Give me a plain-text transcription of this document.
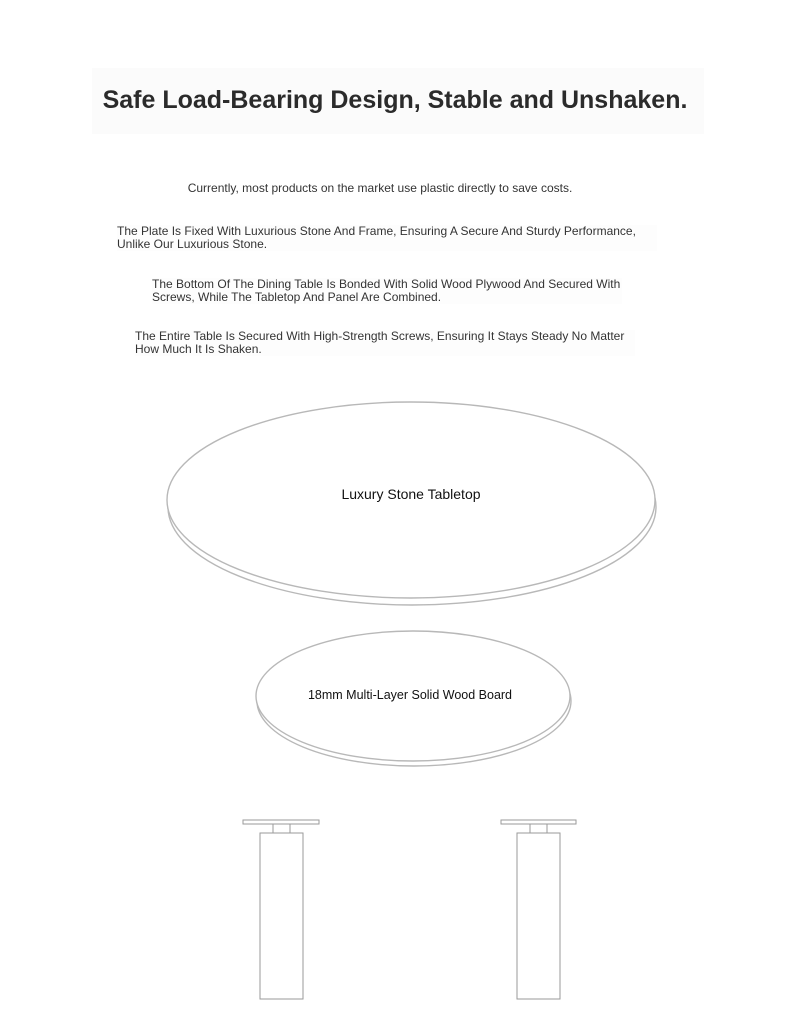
Safe Load-Bearing Design, Stable and Unshaken.

Currently, most products on the market use plastic directly to save costs.

The Plate Is Fixed With Luxurious Stone And Frame, Ensuring A Secure And Sturdy Performance, Unlike Our Luxurious Stone.

The Bottom Of The Dining Table Is Bonded With Solid Wood Plywood And Secured With Screws, While The Tabletop And Panel Are Combined.

The Entire Table Is Secured With High-Strength Screws, Ensuring It Stays Steady No Matter How Much It Is Shaken.

Luxury Stone Tabletop
18mm Multi-Layer Solid Wood Board
